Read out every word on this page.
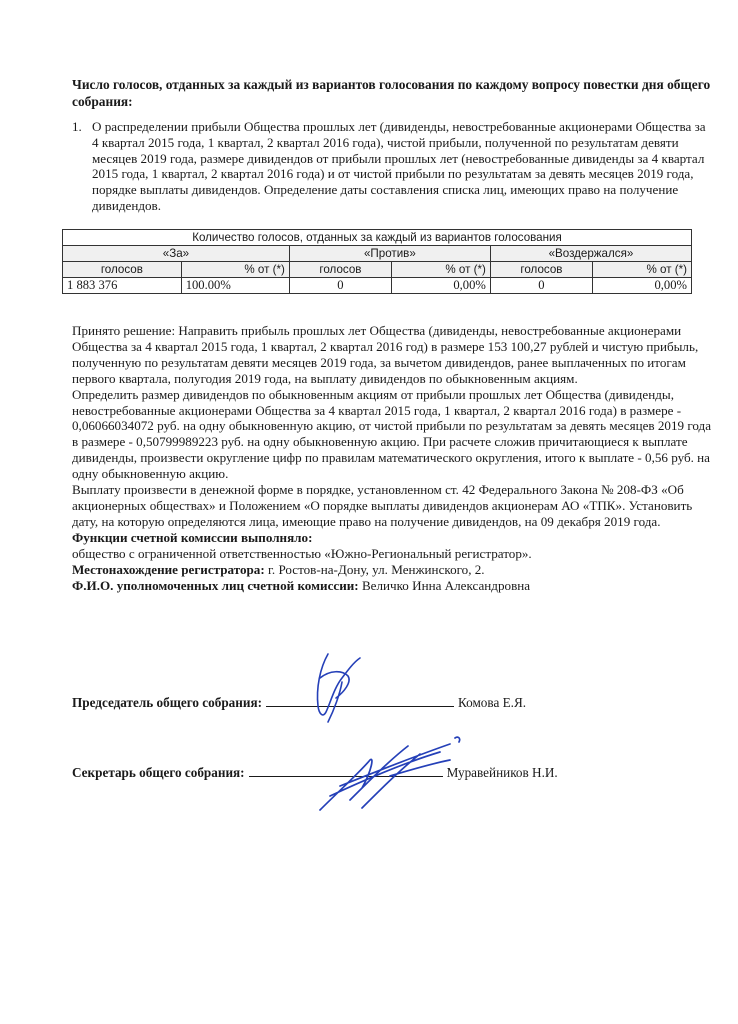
Число голосов, отданных за каждый из вариантов голосования по каждому вопросу повестки дня общего собрания:
1. О распределении прибыли Общества прошлых лет (дивиденды, невостребованные акционерами Общества за 4 квартал 2015 года, 1 квартал, 2 квартал 2016 года), чистой прибыли, полученной по результатам девяти месяцев 2019 года, размере дивидендов от прибыли прошлых лет (невостребованные дивиденды за 4 квартал 2015 года, 1 квартал, 2 квартал 2016 года) и от чистой прибыли по результатам за девять месяцев 2019 года, порядке выплаты дивидендов. Определение даты составления списка лиц, имеющих право на получение дивидендов.
Количество голосов, отданных за каждый из вариантов голосования					
«За»		«Против»		«Воздержался»	
голосов	% от (*)	голосов	% от (*)	голосов	% от (*)
1 883 376	100.00%	0	0,00%	0	0,00%

Принято решение: Направить прибыль прошлых лет Общества (дивиденды, невостребованные акционерами Общества за 4 квартал 2015 года, 1 квартал, 2 квартал 2016 год) в размере 153 100,27 рублей и чистую прибыль, полученную по результатам девяти месяцев 2019 года, за вычетом дивидендов, ранее выплаченных по итогам первого квартала, полугодия 2019 года, на выплату дивидендов по обыкновенным акциям.

Определить размер дивидендов по обыкновенным акциям от прибыли прошлых лет Общества (дивиденды, невостребованные акционерами Общества за 4 квартал 2015 года, 1 квартал, 2 квартал 2016 года) в размере - 0,06066034072 руб. на одну обыкновенную акцию, от чистой прибыли по результатам за девять месяцев 2019 года в размере - 0,50799989223 руб. на одну обыкновенную акцию. При расчете сложив причитающиеся к выплате дивиденды, произвести округление цифр по правилам математического округления, итого к выплате - 0,56 руб. на одну обыкновенную акцию.

Выплату произвести в денежной форме в порядке, установленном ст. 42 Федерального Закона № 208-ФЗ «Об акционерных обществах» и Положением «О порядке выплаты дивидендов акционерам АО «ТПК». Установить дату, на которую определяются лица, имеющие право на получение дивидендов, на 09 декабря 2019 года.

Функции счетной комиссии выполняло:

общество с ограниченной ответственностью «Южно-Региональный регистратор».

Местонахождение регистратора: г. Ростов-на-Дону, ул. Менжинского, 2.

Ф.И.О. уполномоченных лиц счетной комиссии: Величко Инна Александровна

Председатель общего собрания:	Комова Е.Я.
Секретарь общего собрания:	Муравейников Н.И.
